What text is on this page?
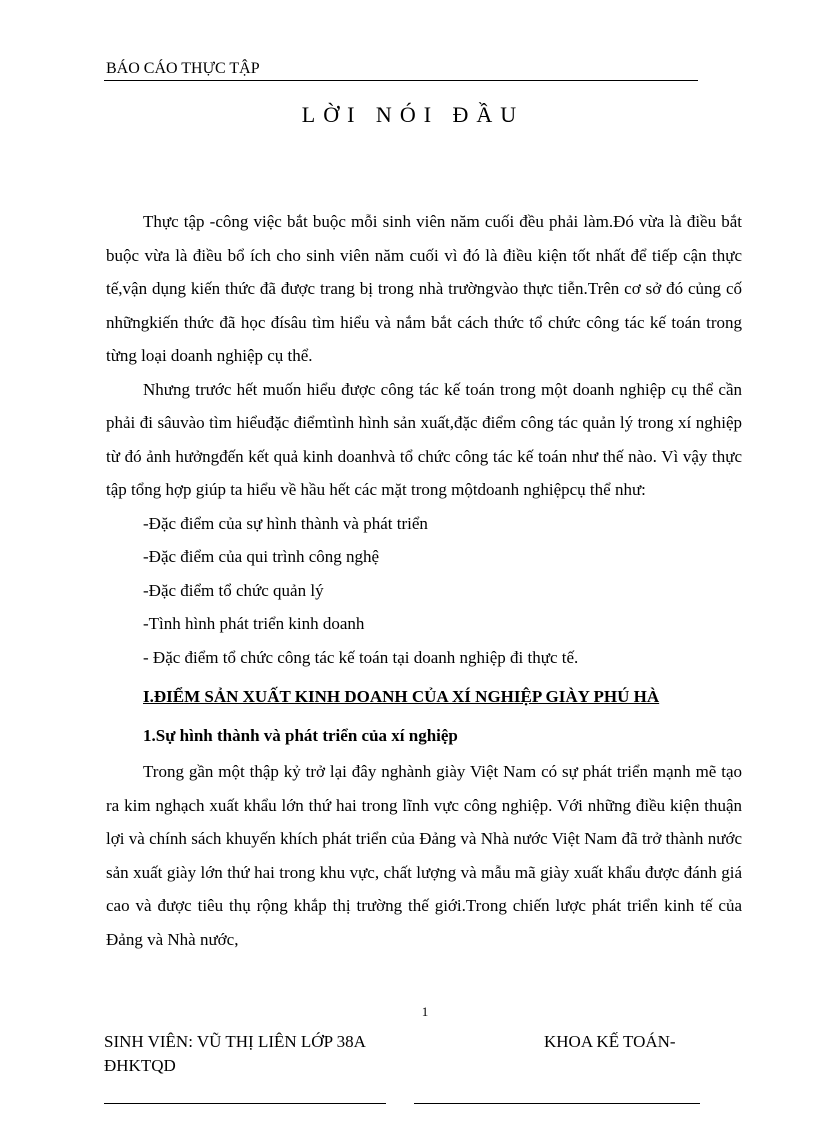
BÁO CÁO THỰC TẬP
LỜI NÓI ĐẦU

Thực tập -công việc bắt buộc mỗi sinh viên năm cuối đều phải làm.Đó vừa là điều bắt buộc vừa là điều bổ ích cho sinh viên năm cuối vì đó là điều kiện tốt nhất để tiếp cận thực tế,vận dụng kiến thức đã được trang bị trong nhà trườngvào thực tiễn.Trên cơ sở đó củng cố nhữngkiến thức đã học đísâu tìm hiểu và nắm bắt cách thức tổ chức công tác kế toán trong từng loại doanh nghiệp cụ thể.

Nhưng trước hết muốn hiểu được công tác kế toán trong một doanh nghiệp cụ thể cần phải đi sâuvào tìm hiểuđặc điểmtình hình sản xuất,đặc điểm công tác quản lý trong xí nghiệp từ đó ảnh hưởngđến kết quả kinh doanhvà tổ chức công tác kế toán như thế nào. Vì vậy thực tập tổng hợp giúp ta hiểu về hầu hết các mặt trong mộtdoanh nghiệpcụ thể như:

-Đặc điểm của sự hình thành và phát triển

-Đặc điểm của qui trình công nghệ

-Đặc điểm tổ chức quản lý

-Tình hình phát triển kinh doanh

- Đặc điểm tổ chức công tác kế toán tại doanh nghiệp đi thực tế.

I.ĐIỂM SẢN XUẤT KINH DOANH CỦA XÍ NGHIỆP GIÀY PHÚ HÀ

1.Sự hình thành và phát triển của xí nghiệp

Trong gần một thập kỷ trở lại đây nghành giày Việt Nam có sự phát triển mạnh mẽ tạo ra kim nghạch xuất khẩu lớn thứ hai trong lĩnh vực công nghiệp. Với những điều kiện thuận lợi và chính sách khuyến khích phát triển của Đảng và Nhà nước Việt Nam đã trở thành nước sản xuất giày lớn thứ hai trong khu vực, chất lượng và mẫu mã giày xuất khẩu được đánh giá cao và được tiêu thụ rộng khắp thị trường thế giới.Trong chiến lược phát triển kinh tế của Đảng và Nhà nước,

1
SINH VIÊN: VŨ THỊ LIÊN LỚP 38A	KHOA KẾ TOÁN-
ĐHKTQD
